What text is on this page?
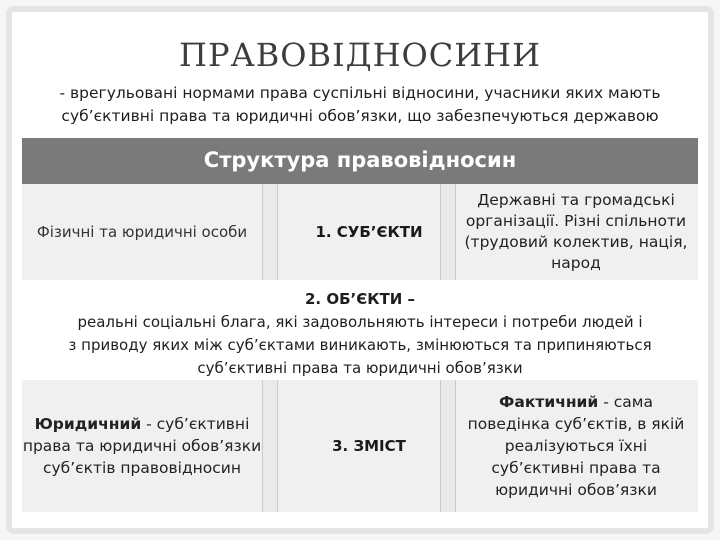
ПРАВОВІДНОСИНИ
- врегульовані нормами права суспільні відносини, учасники яких мають
суб’єктивні права та юридичні обов’язки, що забезпечуються державою
Структура правовідносин
Фізичні та юридичні особи	1. СУБ’ЄКТИ
Державні та громадські організації. Різні спільноти (трудовий колектив, нація, народ
2. ОБ’ЄКТИ –
реальні соціальні блага, які задовольняють інтереси і потреби людей і
з приводу яких між суб’єктами виникають, змінюються та припиняються
суб’єктивні права та юридичні обов’язки
Юридичний - суб’єктивні права та юридичні обов’язки суб’єктів правовідносин
3. ЗМІСТ
Фактичний - сама поведінка суб’єктів, в якій реалізуються їхні суб’єктивні права та юридичні обов’язки
